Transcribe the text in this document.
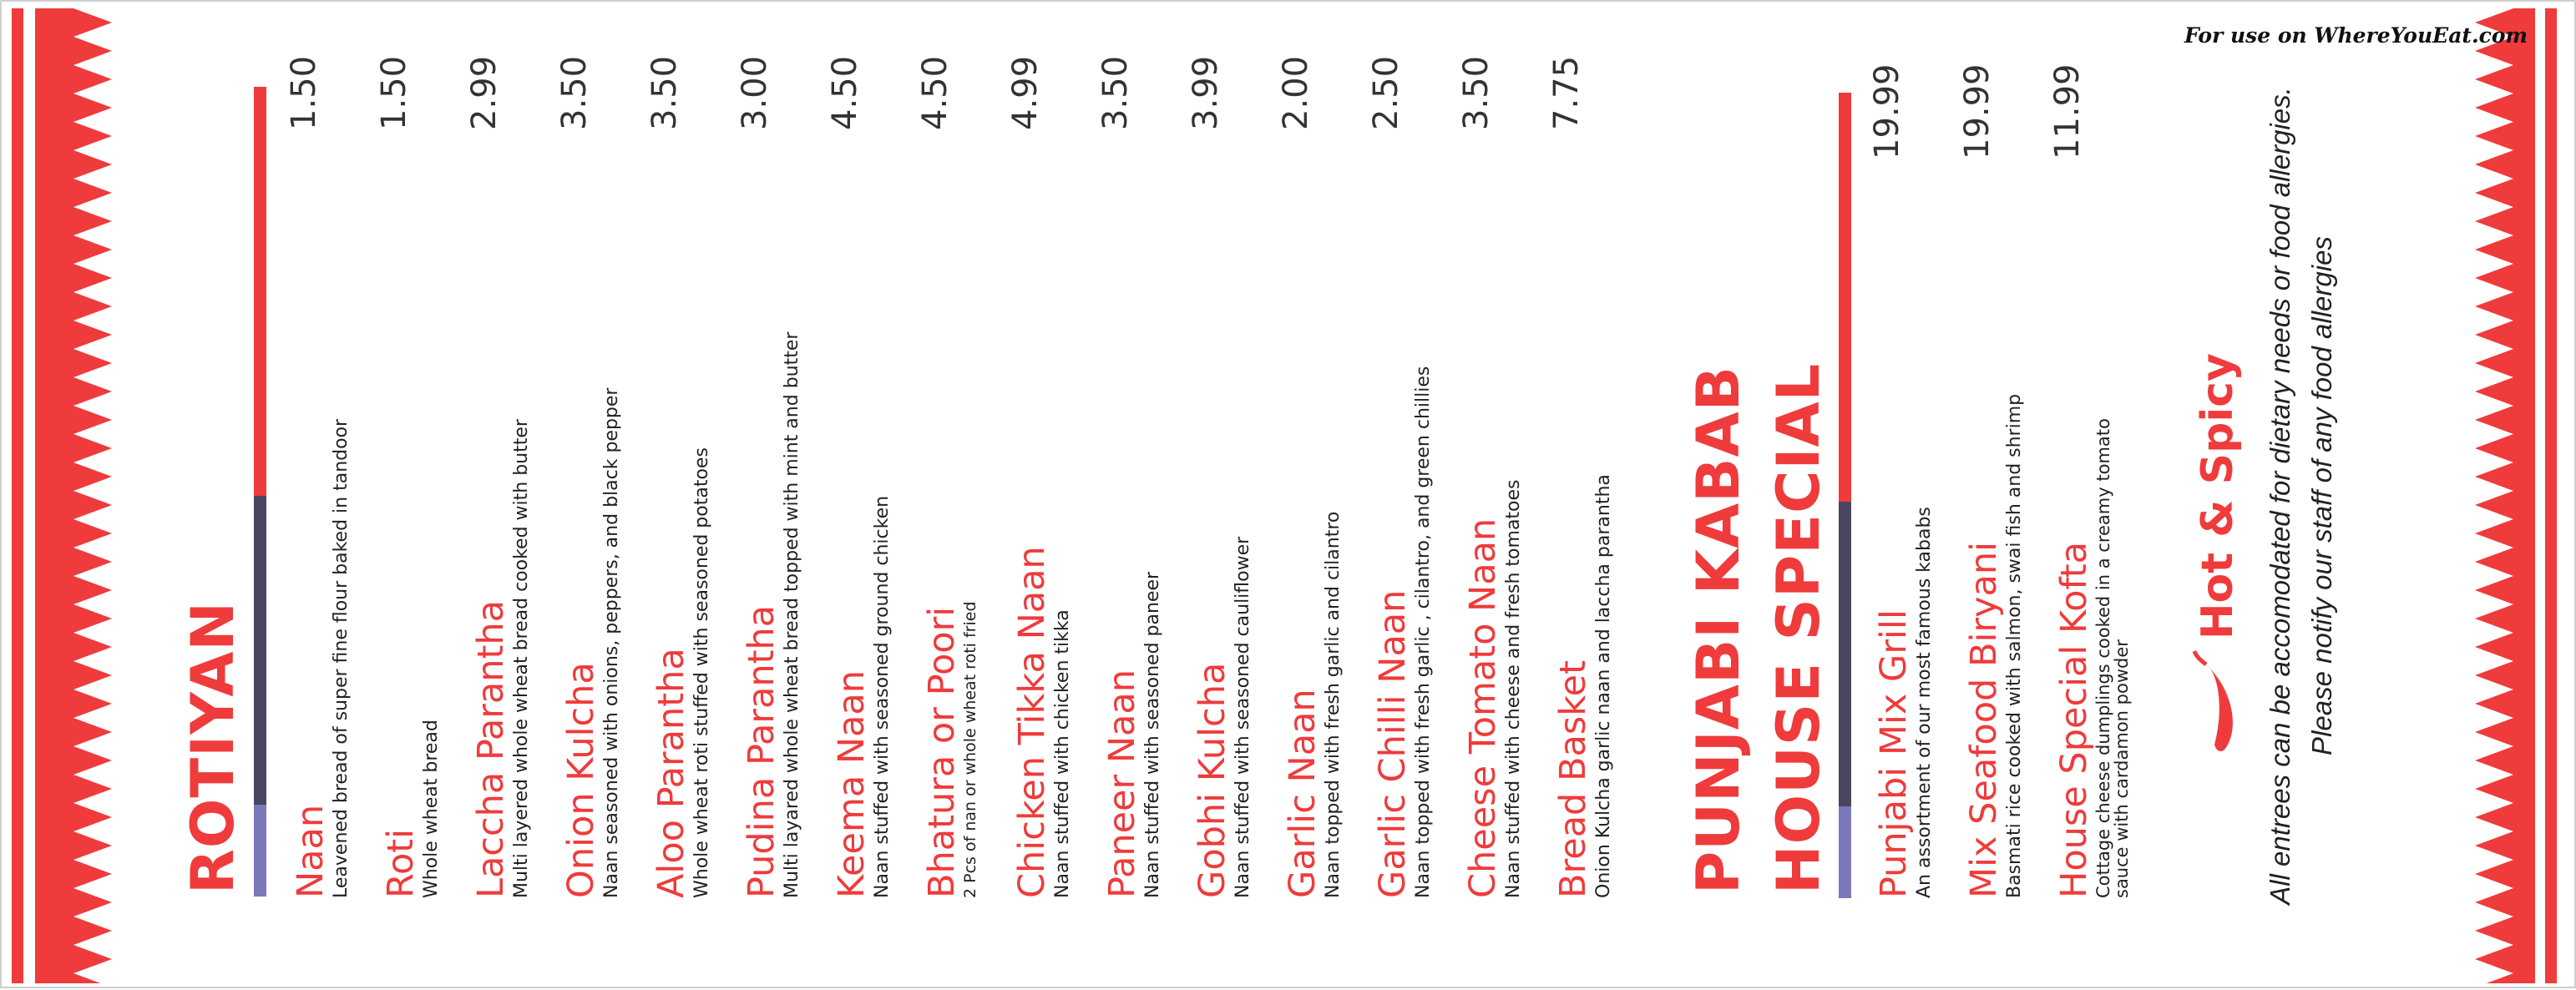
For use on WhereYouEat.com
ROTIYAN Naan Leavened bread of super fine flour baked in tandoor
1.50
Roti Whole wheat bread
1.50
Laccha Parantha Multi layered whole wheat bread cooked with butter
2.99
Onion Kulcha Naan seasoned with onions, peppers, and black pepper
3.50
Aloo Parantha Whole wheat roti stuffed with seasoned potatoes
3.50
Pudina Parantha Multi layared whole wheat bread topped with mint and butter
3.00
Keema Naan Naan stuffed with seasoned ground chicken
4.50
Bhatura or Poori
2 Pcs of nan or whole wheat roti fried
4.50
Chicken Tikka Naan Naan stuffed with chicken tikka
4.99
Paneer Naan Naan stuffed with seasoned paneer
3.50
Gobhi Kulcha Naan stuffed with seasoned cauliflower
3.99
Garlic Naan Naan topped with fresh garlic and cilantro
2.00
Garlic Chilli Naan Naan topped with fresh garlic , cilantro, and green chillies
2.50
Cheese Tomato Naan Naan stuffed with cheese and fresh tomatoes
3.50
Bread Basket Onion Kulcha garlic naan and laccha parantha
7.75
PUNJABI KABAB HOUSE SPECIAL Punjabi Mix Grill An assortment of our most famous kababs
19.99
Mix Seafood Biryani Basmati rice cooked with salmon, swai fish and shrimp
19.99
House Special Kofta
Cottage cheese dumplings cooked in a creamy tomato sauce with cardamon powder
11.99
Hot & Spicy All entrees can be accomodated for dietary needs or food allergies. Please notify our staff of any food allergies
